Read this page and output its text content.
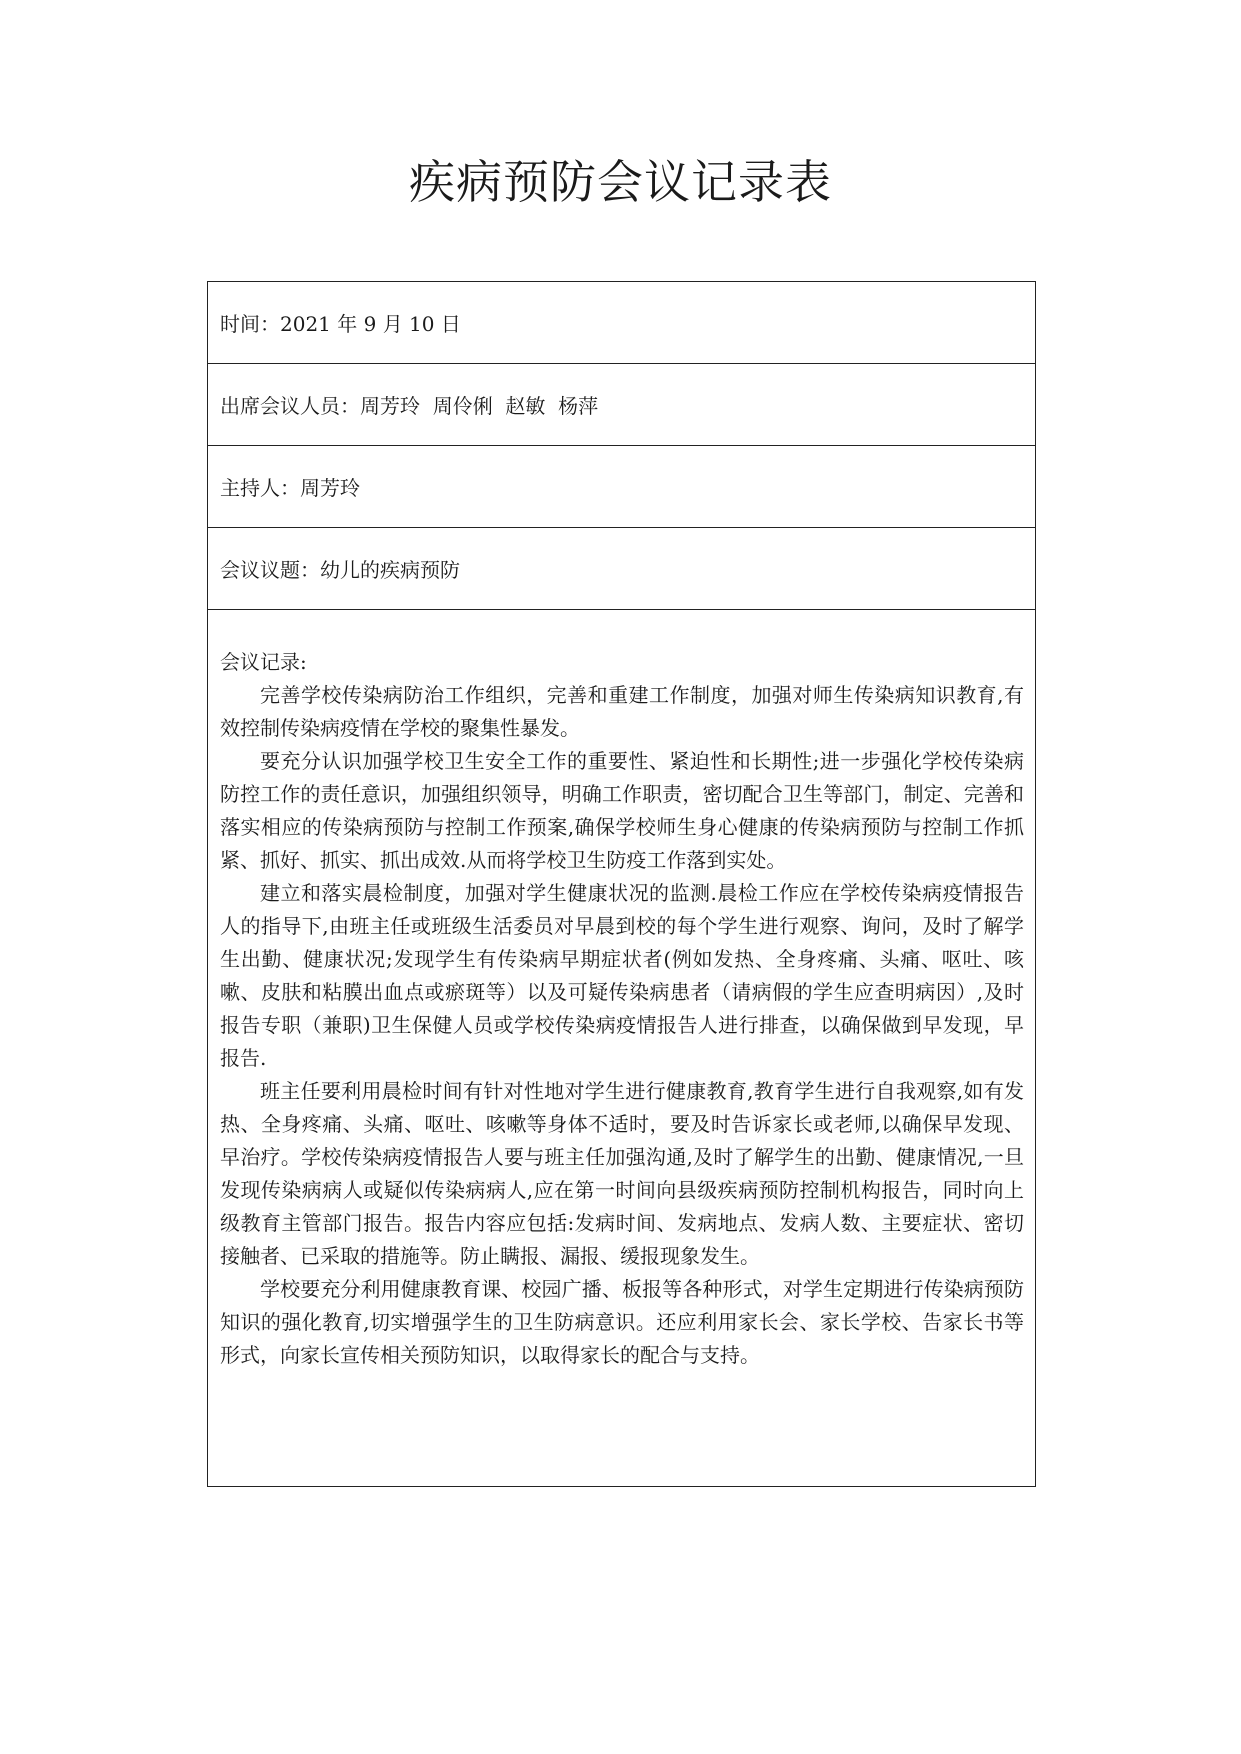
疾病预防会议记录表
时间： 2021 年 9 月 10 日
出席会议人员： 周芳玲  周伶俐  赵敏  杨萍
主持人： 周芳玲
会议议题： 幼儿的疾病预防
会议记录:

完善学校传染病防治工作组织，完善和重建工作制度，加强对师生传染病知识教育,有效控制传染病疫情在学校的聚集性暴发。

要充分认识加强学校卫生安全工作的重要性、紧迫性和长期性;进一步强化学校传染病防控工作的责任意识，加强组织领导，明确工作职责，密切配合卫生等部门，制定、完善和落实相应的传染病预防与控制工作预案,确保学校师生身心健康的传染病预防与控制工作抓紧、抓好、抓实、抓出成效.从而将学校卫生防疫工作落到实处。

建立和落实晨检制度，加强对学生健康状况的监测.晨检工作应在学校传染病疫情报告人的指导下,由班主任或班级生活委员对早晨到校的每个学生进行观察、询问，及时了解学生出勤、健康状况;发现学生有传染病早期症状者(例如发热、全身疼痛、头痛、呕吐、咳嗽、皮肤和粘膜出血点或瘀斑等）以及可疑传染病患者（请病假的学生应查明病因）,及时报告专职（兼职)卫生保健人员或学校传染病疫情报告人进行排查，以确保做到早发现，早报告.

班主任要利用晨检时间有针对性地对学生进行健康教育,教育学生进行自我观察,如有发热、全身疼痛、头痛、呕吐、咳嗽等身体不适时，要及时告诉家长或老师,以确保早发现、早治疗。学校传染病疫情报告人要与班主任加强沟通,及时了解学生的出勤、健康情况,一旦发现传染病病人或疑似传染病病人,应在第一时间向县级疾病预防控制机构报告，同时向上级教育主管部门报告。报告内容应包括:发病时间、发病地点、发病人数、主要症状、密切接触者、已采取的措施等。防止瞒报、漏报、缓报现象发生。

学校要充分利用健康教育课、校园广播、板报等各种形式，对学生定期进行传染病预防知识的强化教育,切实增强学生的卫生防病意识。还应利用家长会、家长学校、告家长书等形式，向家长宣传相关预防知识，以取得家长的配合与支持。
